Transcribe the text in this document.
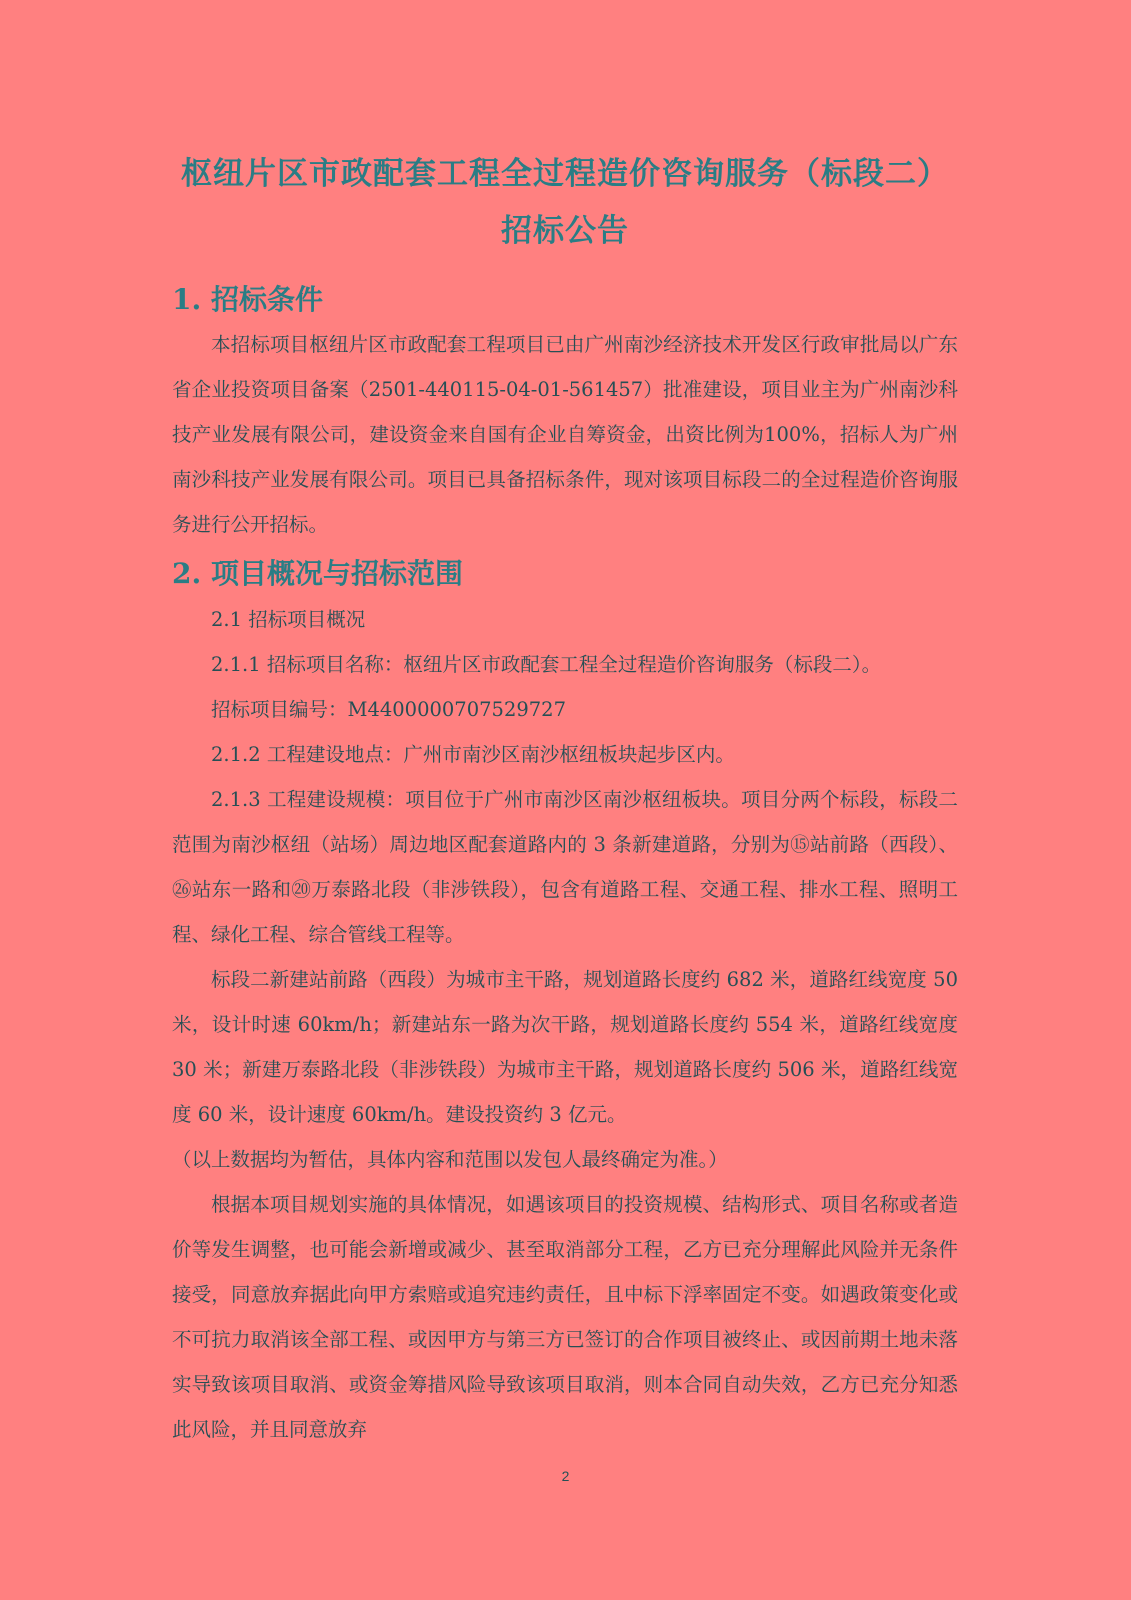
枢纽片区市政配套工程全过程造价咨询服务（标段二）
招标公告
1. 招标条件

本招标项目枢纽片区市政配套工程项目已由广州南沙经济技术开发区行政审批局以广东省企业投资项目备案（2501-440115-04-01-561457）批准建设，项目业主为广州南沙科技产业发展有限公司，建设资金来自国有企业自筹资金，出资比例为100%，招标人为广州南沙科技产业发展有限公司。项目已具备招标条件，现对该项目标段二的全过程造价咨询服务进行公开招标。

2. 项目概况与招标范围

2.1 招标项目概况

2.1.1 招标项目名称：枢纽片区市政配套工程全过程造价咨询服务（标段二）。

招标项目编号：M4400000707529727

2.1.2 工程建设地点：广州市南沙区南沙枢纽板块起步区内。

2.1.3 工程建设规模：项目位于广州市南沙区南沙枢纽板块。项目分两个标段，标段二范围为南沙枢纽（站场）周边地区配套道路内的 3 条新建道路，分别为⑮站前路（西段）、㉖站东一路和⑳万泰路北段（非涉铁段），包含有道路工程、交通工程、排水工程、照明工程、绿化工程、综合管线工程等。

标段二新建站前路（西段）为城市主干路，规划道路长度约 682 米，道路红线宽度 50 米，设计时速 60km/h；新建站东一路为次干路，规划道路长度约 554 米，道路红线宽度 30 米；新建万泰路北段（非涉铁段）为城市主干路，规划道路长度约 506 米，道路红线宽度 60 米，设计速度 60km/h。建设投资约 3 亿元。

（以上数据均为暂估，具体内容和范围以发包人最终确定为准。）

根据本项目规划实施的具体情况，如遇该项目的投资规模、结构形式、项目名称或者造价等发生调整，也可能会新增或减少、甚至取消部分工程，乙方已充分理解此风险并无条件接受，同意放弃据此向甲方索赔或追究违约责任，且中标下浮率固定不变。如遇政策变化或不可抗力取消该全部工程、或因甲方与第三方已签订的合作项目被终止、或因前期土地未落实导致该项目取消、或资金筹措风险导致该项目取消，则本合同自动失效，乙方已充分知悉此风险，并且同意放弃

2
